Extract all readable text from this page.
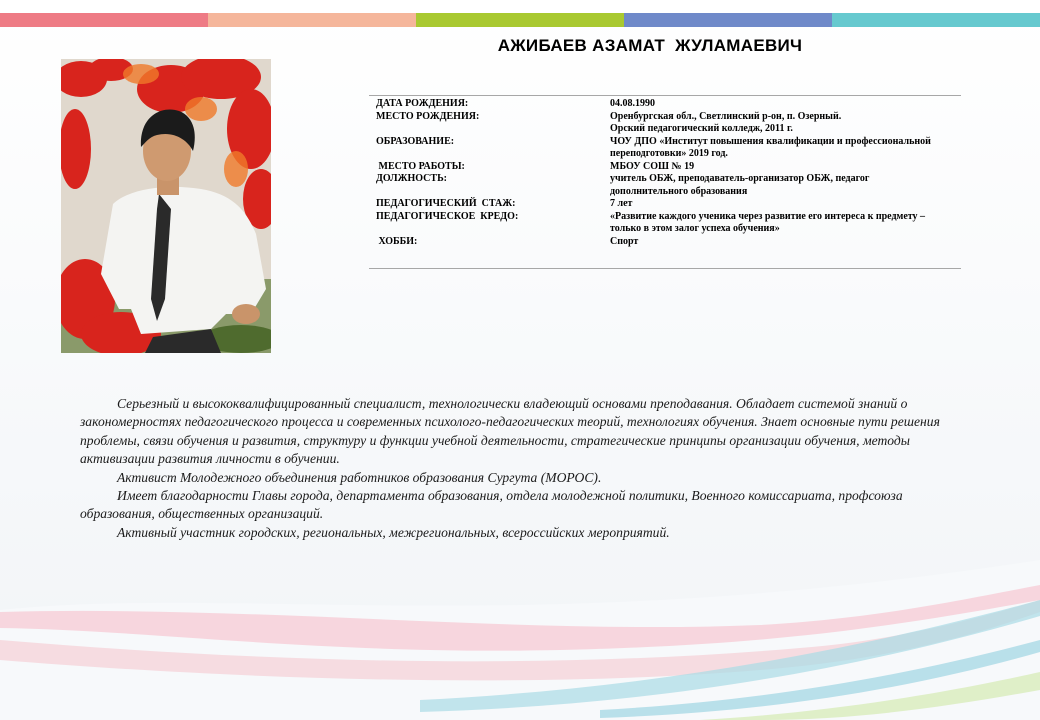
АЖИБАЕВ АЗАМАТ  ЖУЛАМАЕВИЧ
ДАТА РОЖДЕНИЯ:	04.08.1990
МЕСТО РОЖДЕНИЯ:	Оренбургская обл., Светлинский р-он, п. Озерный.
	Орский педагогический колледж, 2011 г.
ОБРАЗОВАНИЕ:	ЧОУ ДПО «Институт повышения квалификации и профессиональной переподготовки» 2019 год.
МЕСТО РАБОТЫ:	МБОУ СОШ № 19
ДОЛЖНОСТЬ:	учитель ОБЖ, преподаватель-организатор ОБЖ, педагог дополнительного образования
ПЕДАГОГИЧЕСКИЙ  СТАЖ:	7 лет

ПЕДАГОГИЧЕСКОЕ  КРЕДО:	«Развитие каждого ученика через развитие его интереса к предмету – только в этом залог успеха обучения»
ХОББИ:	Спорт

Серьезный и высококвалифицированный специалист, технологически владеющий основами преподавания. Обладает системой знаний о закономерностях педагогического процесса и современных психолого-педагогических теорий, технологиях обучения. Знает основные пути решения проблемы, связи обучения и развития, структуру и функции учебной деятельности, стратегические принципы организации обучения, методы активизации развития личности в обучении.

Активист Молодежного объединения работников образования Сургута (МОРОС).

Имеет благодарности Главы города, департамента образования, отдела молодежной политики, Военного комиссариата, профсоюза образования, общественных организаций.

Активный участник городских, региональных, межрегиональных, всероссийских мероприятий.
